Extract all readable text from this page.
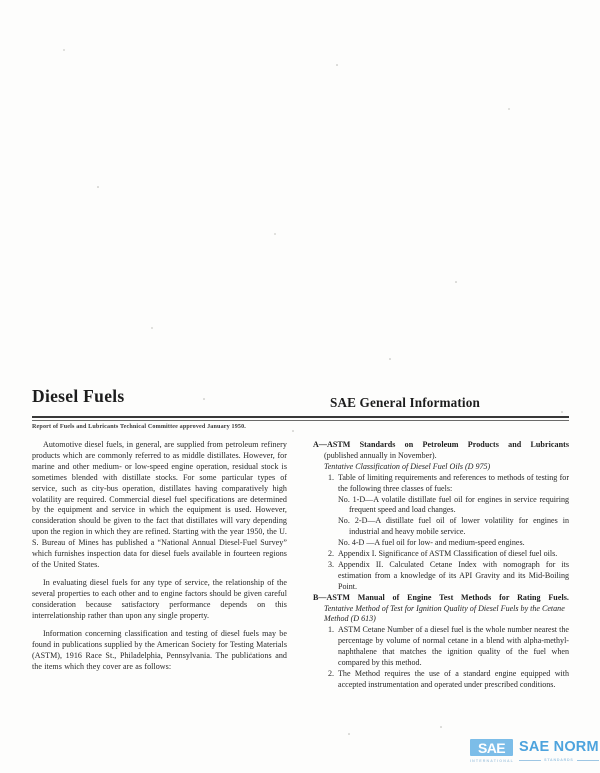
Diesel Fuels	SAE General Information
Report of Fuels and Lubricants Technical Committee approved January 1950.

Automotive diesel fuels, in general, are supplied from petroleum refinery products which are commonly referred to as middle distillates. However, for marine and other medium- or low-speed engine operation, residual stock is sometimes blended with distillate stocks. For some particular types of service, such as city-bus operation, distillates having comparatively high volatility are required. Commercial diesel fuel specifications are determined by the equipment and service in which the equipment is used. However, consideration should be given to the fact that distillates will vary depending upon the region in which they are refined. Starting with the year 1950, the U. S. Bureau of Mines has published a “National Annual Diesel-Fuel Survey” which furnishes inspection data for diesel fuels available in fourteen regions of the United States.

In evaluating diesel fuels for any type of service, the relationship of the several properties to each other and to engine factors should be given careful consideration because satisfactory performance depends on this interrelationship rather than upon any single property.

Information concerning classification and testing of diesel fuels may be found in publications supplied by the American Society for Testing Materials (ASTM), 1916 Race St., Philadelphia, Pennsylvania. The publications and the items which they cover are as follows:

A—ASTM Standards on Petroleum Products and Lubricants

(published annually in November).

Tentative Classification of Diesel Fuel Oils (D 975)

1. Table of limiting requirements and references to methods of testing for the following three classes of fuels:
No. 1-D—A volatile distillate fuel oil for engines in service requiring frequent speed and load changes.
No. 2-D—A distillate fuel oil of lower volatility for engines in industrial and heavy mobile service.
No. 4-D —A fuel oil for low- and medium-speed engines.
2. Appendix I. Significance of ASTM Classification of diesel fuel oils.
3. Appendix II. Calculated Cetane Index with nomograph for its estimation from a knowledge of its API Gravity and its Mid-Boiling Point.

B—ASTM Manual of Engine Test Methods for Rating Fuels.

Tentative Method of Test for Ignition Quality of Diesel Fuels by the Cetane Method (D 613)

1. ASTM Cetane Number of a diesel fuel is the whole number nearest the percentage by volume of normal cetane in a blend with alpha-methyl-naphthalene that matches the ignition quality of the fuel when compared by this method.
2. The Method requires the use of a standard engine equipped with accepted instrumentation and operated under prescribed conditions.
SAE
INTERNATIONAL
SAE NORM
STANDARDS
